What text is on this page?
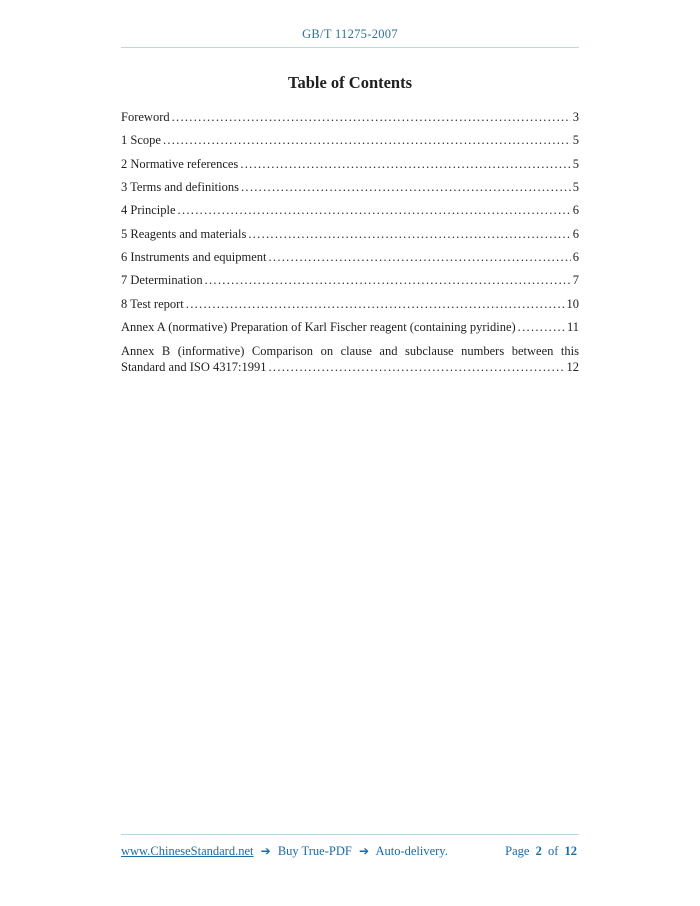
GB/T 11275-2007
Table of Contents
Foreword .....	3
1 Scope .....	5
2 Normative references .....	5
3 Terms and definitions .....	5
4 Principle .....	6
5 Reagents and materials .....	6
6 Instruments and equipment .....	6
7 Determination .....	7
8 Test report .....	10
Annex A (normative) Preparation of Karl Fischer reagent (containing pyridine) .....	11
Annex B (informative) Comparison on clause and subclause numbers between this
Standard and ISO 4317:1991 .....	12
www.ChineseStandard.net ➔ Buy True-PDF ➔ Auto-delivery.	Page 2 of 12
